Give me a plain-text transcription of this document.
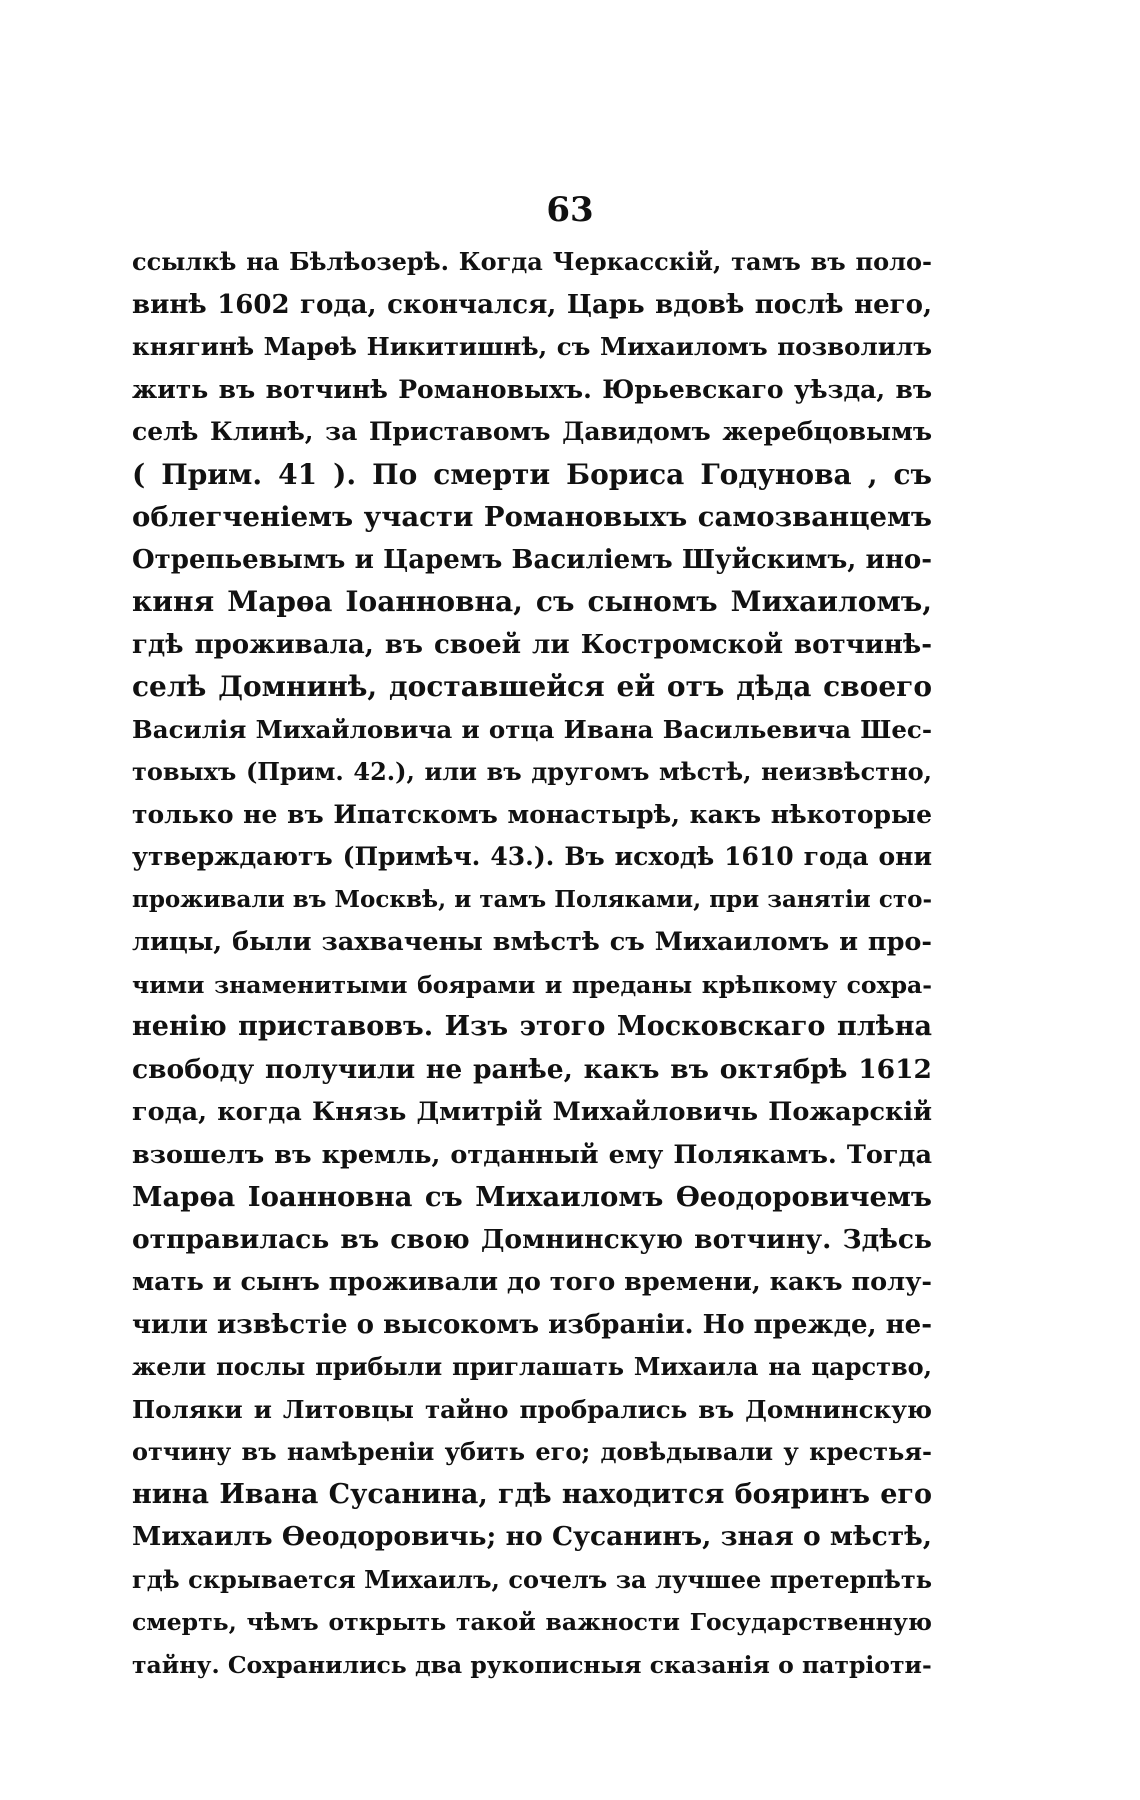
63
ссылкѣ на Бѣлѣозерѣ. Когда Черкасскій, тамъ въ поло-
винѣ 1602 года, скончался, Царь вдовѣ послѣ него,
княгинѣ Марѳѣ Никитишнѣ, съ Михаиломъ позволилъ
жить въ вотчинѣ Романовыхъ. Юрьевскаго уѣзда, въ
селѣ Клинѣ, за Приставомъ Давидомъ жеребцовымъ
( Прим. 41 ). По смерти Бориса Годунова , съ
облегченіемъ участи Романовыхъ самозванцемъ
Отрепьевымъ и Царемъ Василіемъ Шуйскимъ, ино-
киня Марѳа Іоанновна, съ сыномъ Михаиломъ,
гдѣ проживала, въ своей ли Костромской вотчинѣ-
селѣ Домнинѣ, доставшейся ей отъ дѣда своего
Василія Михайловича и отца Ивана Васильевича Шес-
товыхъ (Прим. 42.), или въ другомъ мѣстѣ, неизвѣстно,
только не въ Ипатскомъ монастырѣ, какъ нѣкоторые
утверждаютъ (Примѣч. 43.). Въ исходѣ 1610 года они
проживали въ Москвѣ, и тамъ Поляками, при занятіи сто-
лицы, были захвачены вмѣстѣ съ Михаиломъ и про-
чими знаменитыми боярами и преданы крѣпкому сохра-
ненію приставовъ. Изъ этого Московскаго плѣна
свободу получили не ранѣе, какъ въ октябрѣ 1612
года, когда Князь Дмитрій Михайловичь Пожарскій
взошелъ въ кремль, отданный ему Полякамъ. Тогда
Марѳа Іоанновна съ Михаиломъ Ѳеодоровичемъ
отправилась въ свою Домнинскую вотчину. Здѣсь
мать и сынъ проживали до того времени, какъ полу-
чили извѣстіе о высокомъ избраніи. Но прежде, не-
жели послы прибыли приглашать Михаила на царство,
Поляки и Литовцы тайно пробрались въ Домнинскую
отчину въ намѣреніи убить его; довѣдывали у крестья-
нина Ивана Сусанина, гдѣ находится бояринъ его
Михаилъ Ѳеодоровичь; но Сусанинъ, зная о мѣстѣ,
гдѣ скрывается Михаилъ, сочелъ за лучшее претерпѣть
смерть, чѣмъ открыть такой важности Государственную
тайну. Сохранились два рукописныя сказанія о патріоти-
